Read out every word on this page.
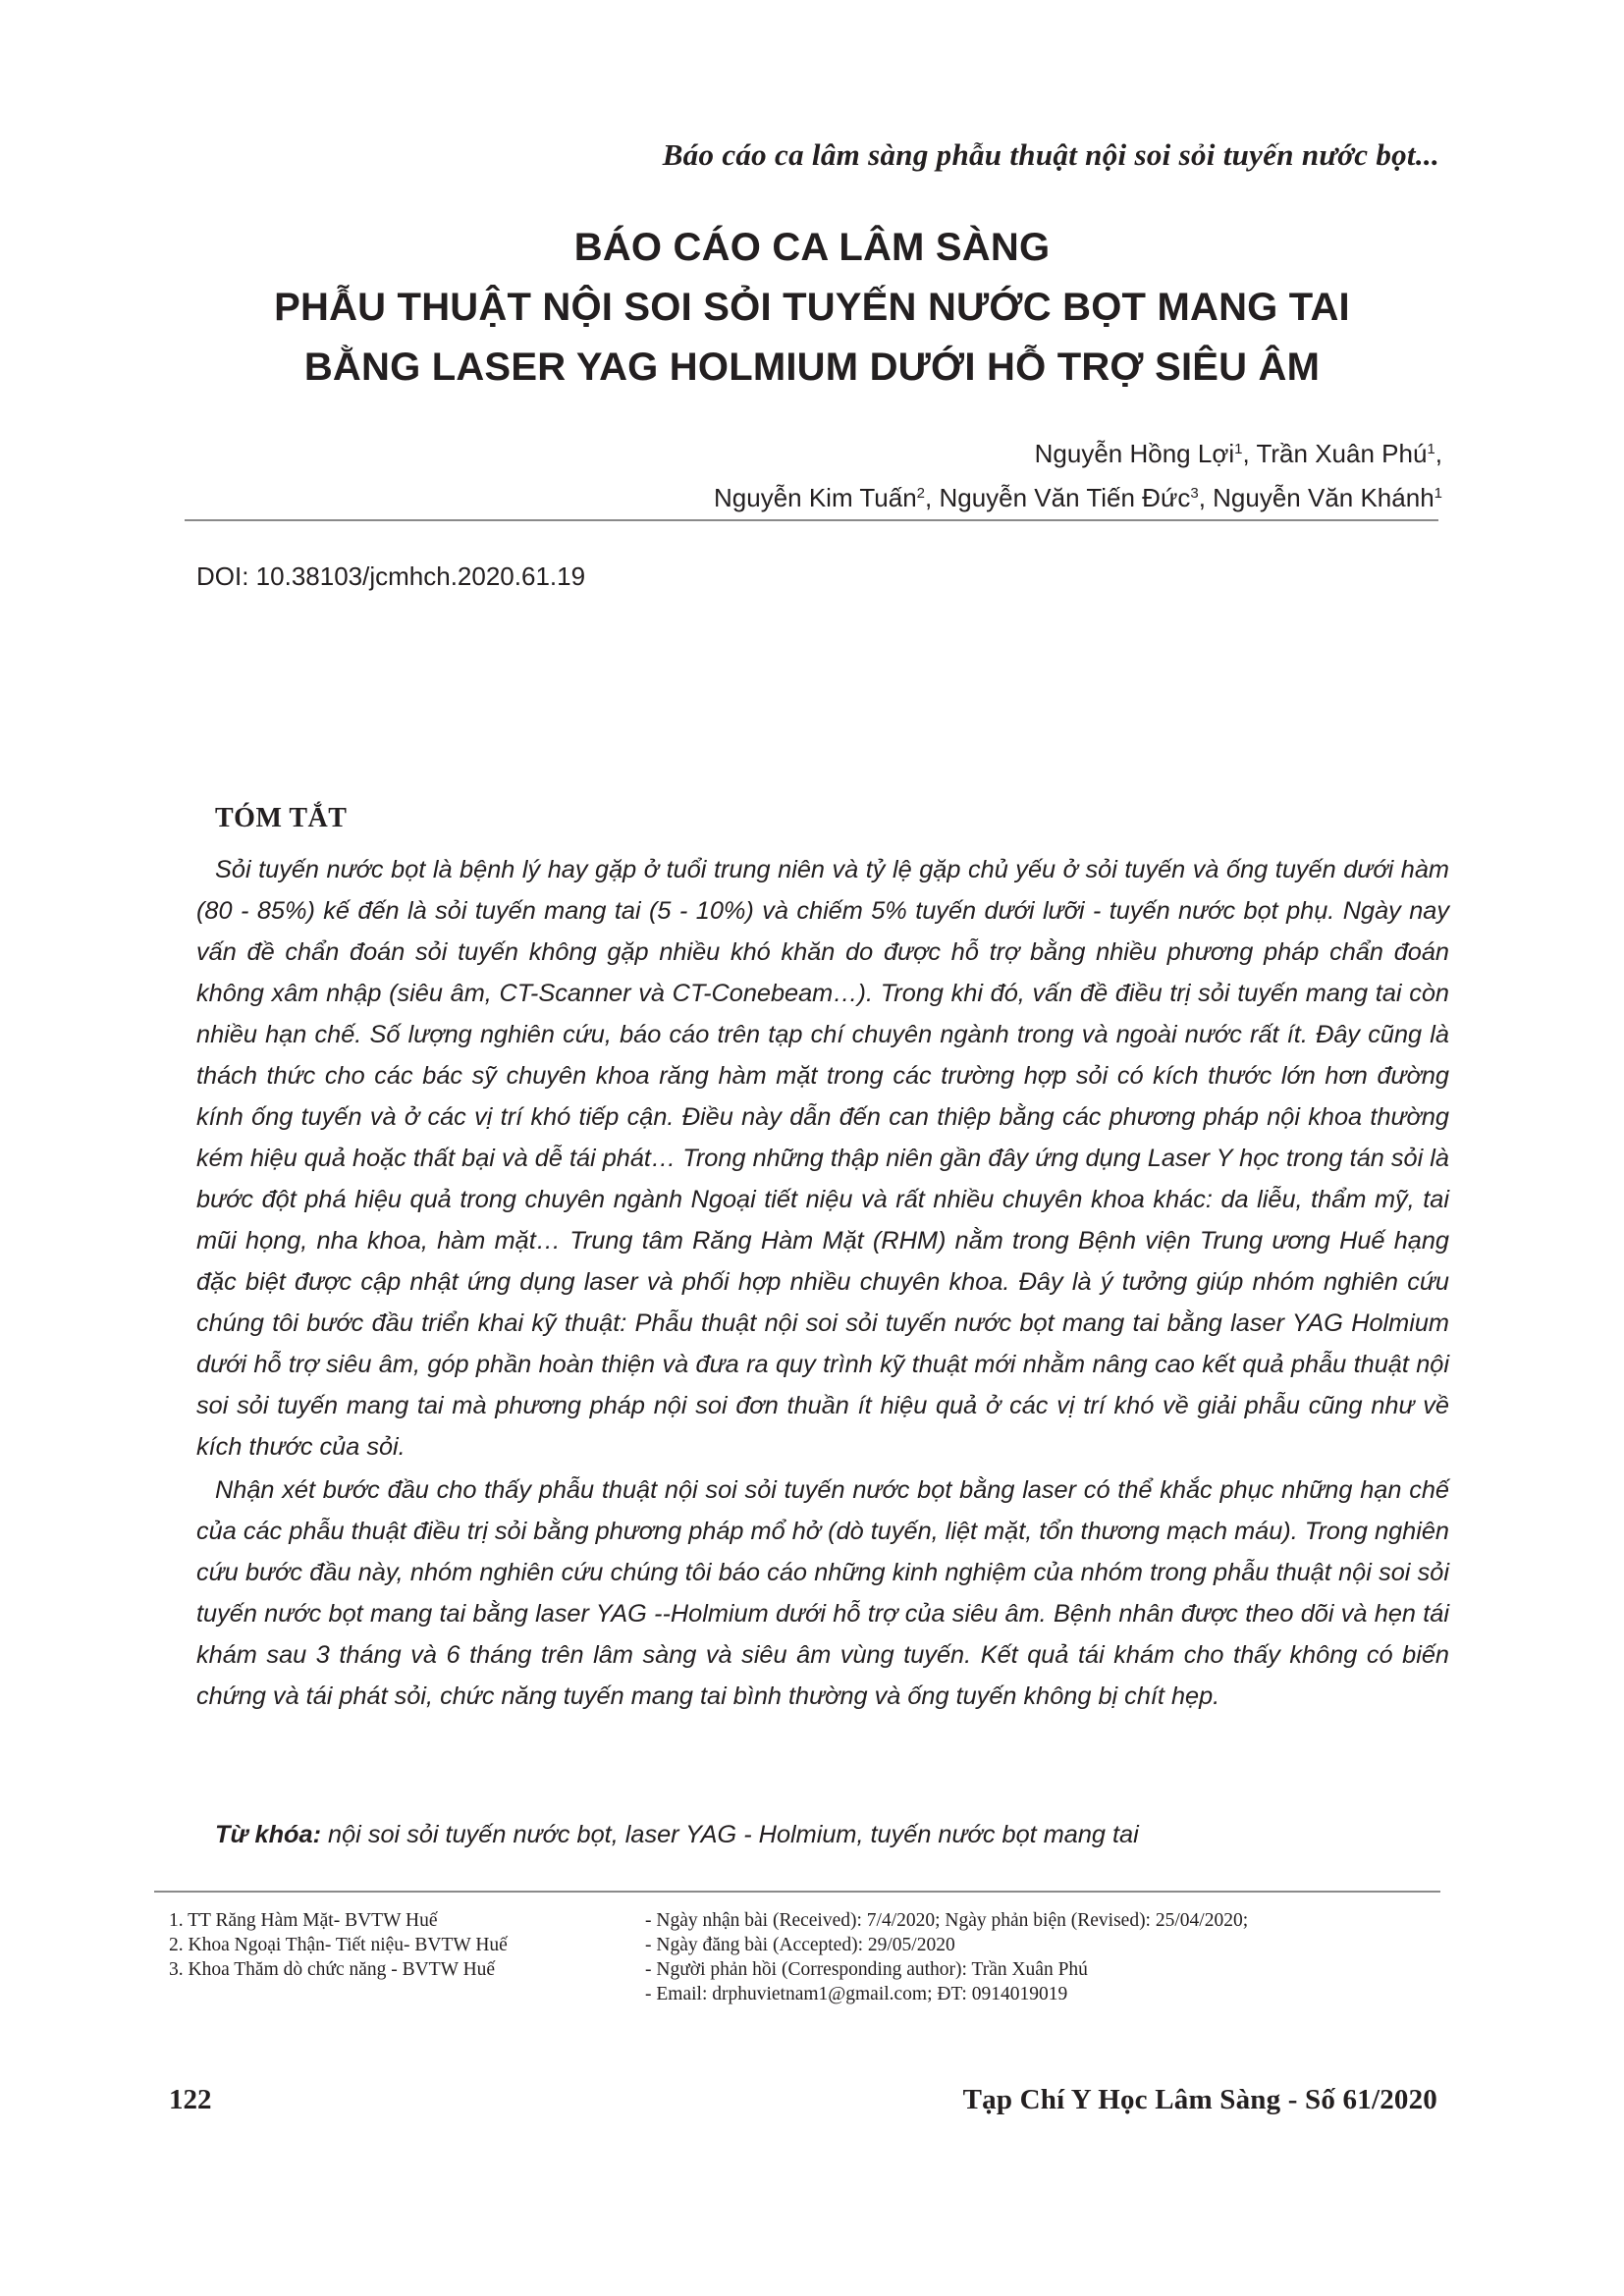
Báo cáo ca lâm sàng phẫu thuật nội soi sỏi tuyến nước bọt...
BÁO CÁO CA LÂM SÀNG
PHẪU THUẬT NỘI SOI SỎI TUYẾN NƯỚC BỌT MANG TAI
BẰNG LASER YAG HOLMIUM DƯỚI HỖ TRỢ SIÊU ÂM
Nguyễn Hồng Lợi$^1$, Trần Xuân Phú$^1$,
Nguyễn Kim Tuấn$^2$, Nguyễn Văn Tiến Đức$^3$, Nguyễn Văn Khánh$^1$
DOI: 10.38103/jcmhch.2020.61.19
TÓM TẮT

Sỏi tuyến nước bọt là bệnh lý hay gặp ở tuổi trung niên và tỷ lệ gặp chủ yếu ở sỏi tuyến và ống tuyến dưới hàm (80 - 85%) kế đến là sỏi tuyến mang tai (5 - 10%) và chiếm 5% tuyến dưới lưỡi - tuyến nước bọt phụ. Ngày nay vấn đề chẩn đoán sỏi tuyến không gặp nhiều khó khăn do được hỗ trợ bằng nhiều phương pháp chẩn đoán không xâm nhập (siêu âm, CT-Scanner và CT-Conebeam…). Trong khi đó, vấn đề điều trị sỏi tuyến mang tai còn nhiều hạn chế. Số lượng nghiên cứu, báo cáo trên tạp chí chuyên ngành trong và ngoài nước rất ít. Đây cũng là thách thức cho các bác sỹ chuyên khoa răng hàm mặt trong các trường hợp sỏi có kích thước lớn hơn đường kính ống tuyến và ở các vị trí khó tiếp cận. Điều này dẫn đến can thiệp bằng các phương pháp nội khoa thường kém hiệu quả hoặc thất bại và dễ tái phát… Trong những thập niên gần đây ứng dụng Laser Y học trong tán sỏi là bước đột phá hiệu quả trong chuyên ngành Ngoại tiết niệu và rất nhiều chuyên khoa khác: da liễu, thẩm mỹ, tai mũi họng, nha khoa, hàm mặt… Trung tâm Răng Hàm Mặt (RHM) nằm trong Bệnh viện Trung ương Huế hạng đặc biệt được cập nhật ứng dụng laser và phối hợp nhiều chuyên khoa. Đây là ý tưởng giúp nhóm nghiên cứu chúng tôi bước đầu triển khai kỹ thuật: Phẫu thuật nội soi sỏi tuyến nước bọt mang tai bằng laser YAG Holmium dưới hỗ trợ siêu âm, góp phần hoàn thiện và đưa ra quy trình kỹ thuật mới nhằm nâng cao kết quả phẫu thuật nội soi sỏi tuyến mang tai mà phương pháp nội soi đơn thuần ít hiệu quả ở các vị trí khó về giải phẫu cũng như về kích thước của sỏi.

Nhận xét bước đầu cho thấy phẫu thuật nội soi sỏi tuyến nước bọt bằng laser có thể khắc phục những hạn chế của các phẫu thuật điều trị sỏi bằng phương pháp mổ hở (dò tuyến, liệt mặt, tổn thương mạch máu). Trong nghiên cứu bước đầu này, nhóm nghiên cứu chúng tôi báo cáo những kinh nghiệm của nhóm trong phẫu thuật nội soi sỏi tuyến nước bọt mang tai bằng laser YAG --Holmium dưới hỗ trợ của siêu âm. Bệnh nhân được theo dõi và hẹn tái khám sau 3 tháng và 6 tháng trên lâm sàng và siêu âm vùng tuyến. Kết quả tái khám cho thấy không có biến chứng và tái phát sỏi, chức năng tuyến mang tai bình thường và ống tuyến không bị chít hẹp.

Từ khóa: nội soi sỏi tuyến nước bọt, laser YAG - Holmium, tuyến nước bọt mang tai
1. TT Răng Hàm Mặt- BVTW Huế
2. Khoa Ngoại Thận- Tiết niệu- BVTW Huế
3. Khoa Thăm dò chức năng - BVTW Huế
- Ngày nhận bài (Received): 7/4/2020; Ngày phản biện (Revised): 25/04/2020;
- Ngày đăng bài (Accepted): 29/05/2020
- Người phản hồi (Corresponding author): Trần Xuân Phú
- Email: drphuvietnam1@gmail.com; ĐT: 0914019019
122	Tạp Chí Y Học Lâm Sàng - Số 61/2020
